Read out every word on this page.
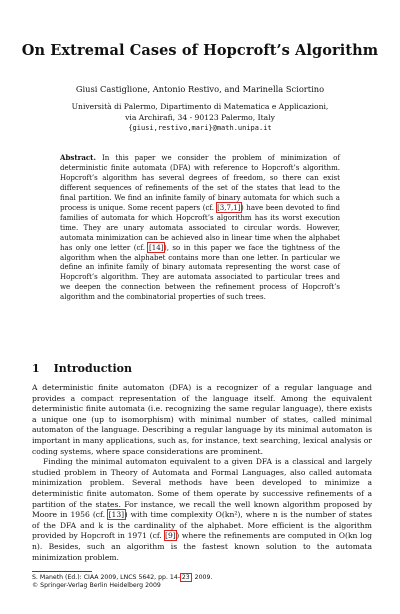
On Extremal Cases of Hopcroft’s Algorithm
Giusi Castiglione, Antonio Restivo, and Marinella Sciortino
Università di Palermo, Dipartimento di Matematica e Applicazioni,
via Archirafi, 34 - 90123 Palermo, Italy
{giusi,restivo,mari}@math.unipa.it
Abstract. In this paper we consider the problem of minimization of deterministic finite automata (DFA) with reference to Hopcroft’s algorithm. Hopcroft’s algorithm has several degrees of freedom, so there can exist different sequences of refinements of the set of the states that lead to the final partition. We find an infinite family of binary automata for which such a process is unique. Some recent papers (cf. [3,7,1]) have been devoted to find families of automata for which Hopcroft’s algorithm has its worst execution time. They are unary automata associated to circular words. However, automata minimization can be achieved also in linear time when the alphabet has only one letter (cf. [14]), so in this paper we face the tightness of the algorithm when the alphabet contains more than one letter. In particular we define an infinite family of binary automata representing the worst case of Hopcroft’s algorithm. They are automata associated to particular trees and we deepen the connection between the refinement process of Hopcroft’s algorithm and the combinatorial properties of such trees.
1 Introduction

A deterministic finite automaton (DFA) is a recognizer of a regular language and provides a compact representation of the language itself. Among the equivalent deterministic finite automata (i.e. recognizing the same regular language), there exists a unique one (up to isomorphism) with minimal number of states, called minimal automaton of the language. Describing a regular language by its minimal automaton is important in many applications, such as, for instance, text searching, lexical analysis or coding systems, where space considerations are prominent.

Finding the minimal automaton equivalent to a given DFA is a classical and largely studied problem in Theory of Automata and Formal Languages, also called automata minimization problem. Several methods have been developed to minimize a deterministic finite automaton. Some of them operate by successive refinements of a partition of the states. For instance, we recall the well known algorithm proposed by Moore in 1956 (cf. [13]) with time complexity O(kn²), where n is the number of states of the DFA and k is the cardinality of the alphabet. More efficient is the algorithm provided by Hopcroft in 1971 (cf. [9]) where the refinements are computed in O(kn log n). Besides, such an algorithm is the fastest known solution to the automata minimization problem.

S. Maneth (Ed.): CIAA 2009, LNCS 5642, pp. 14–23, 2009.
© Springer-Verlag Berlin Heidelberg 2009
